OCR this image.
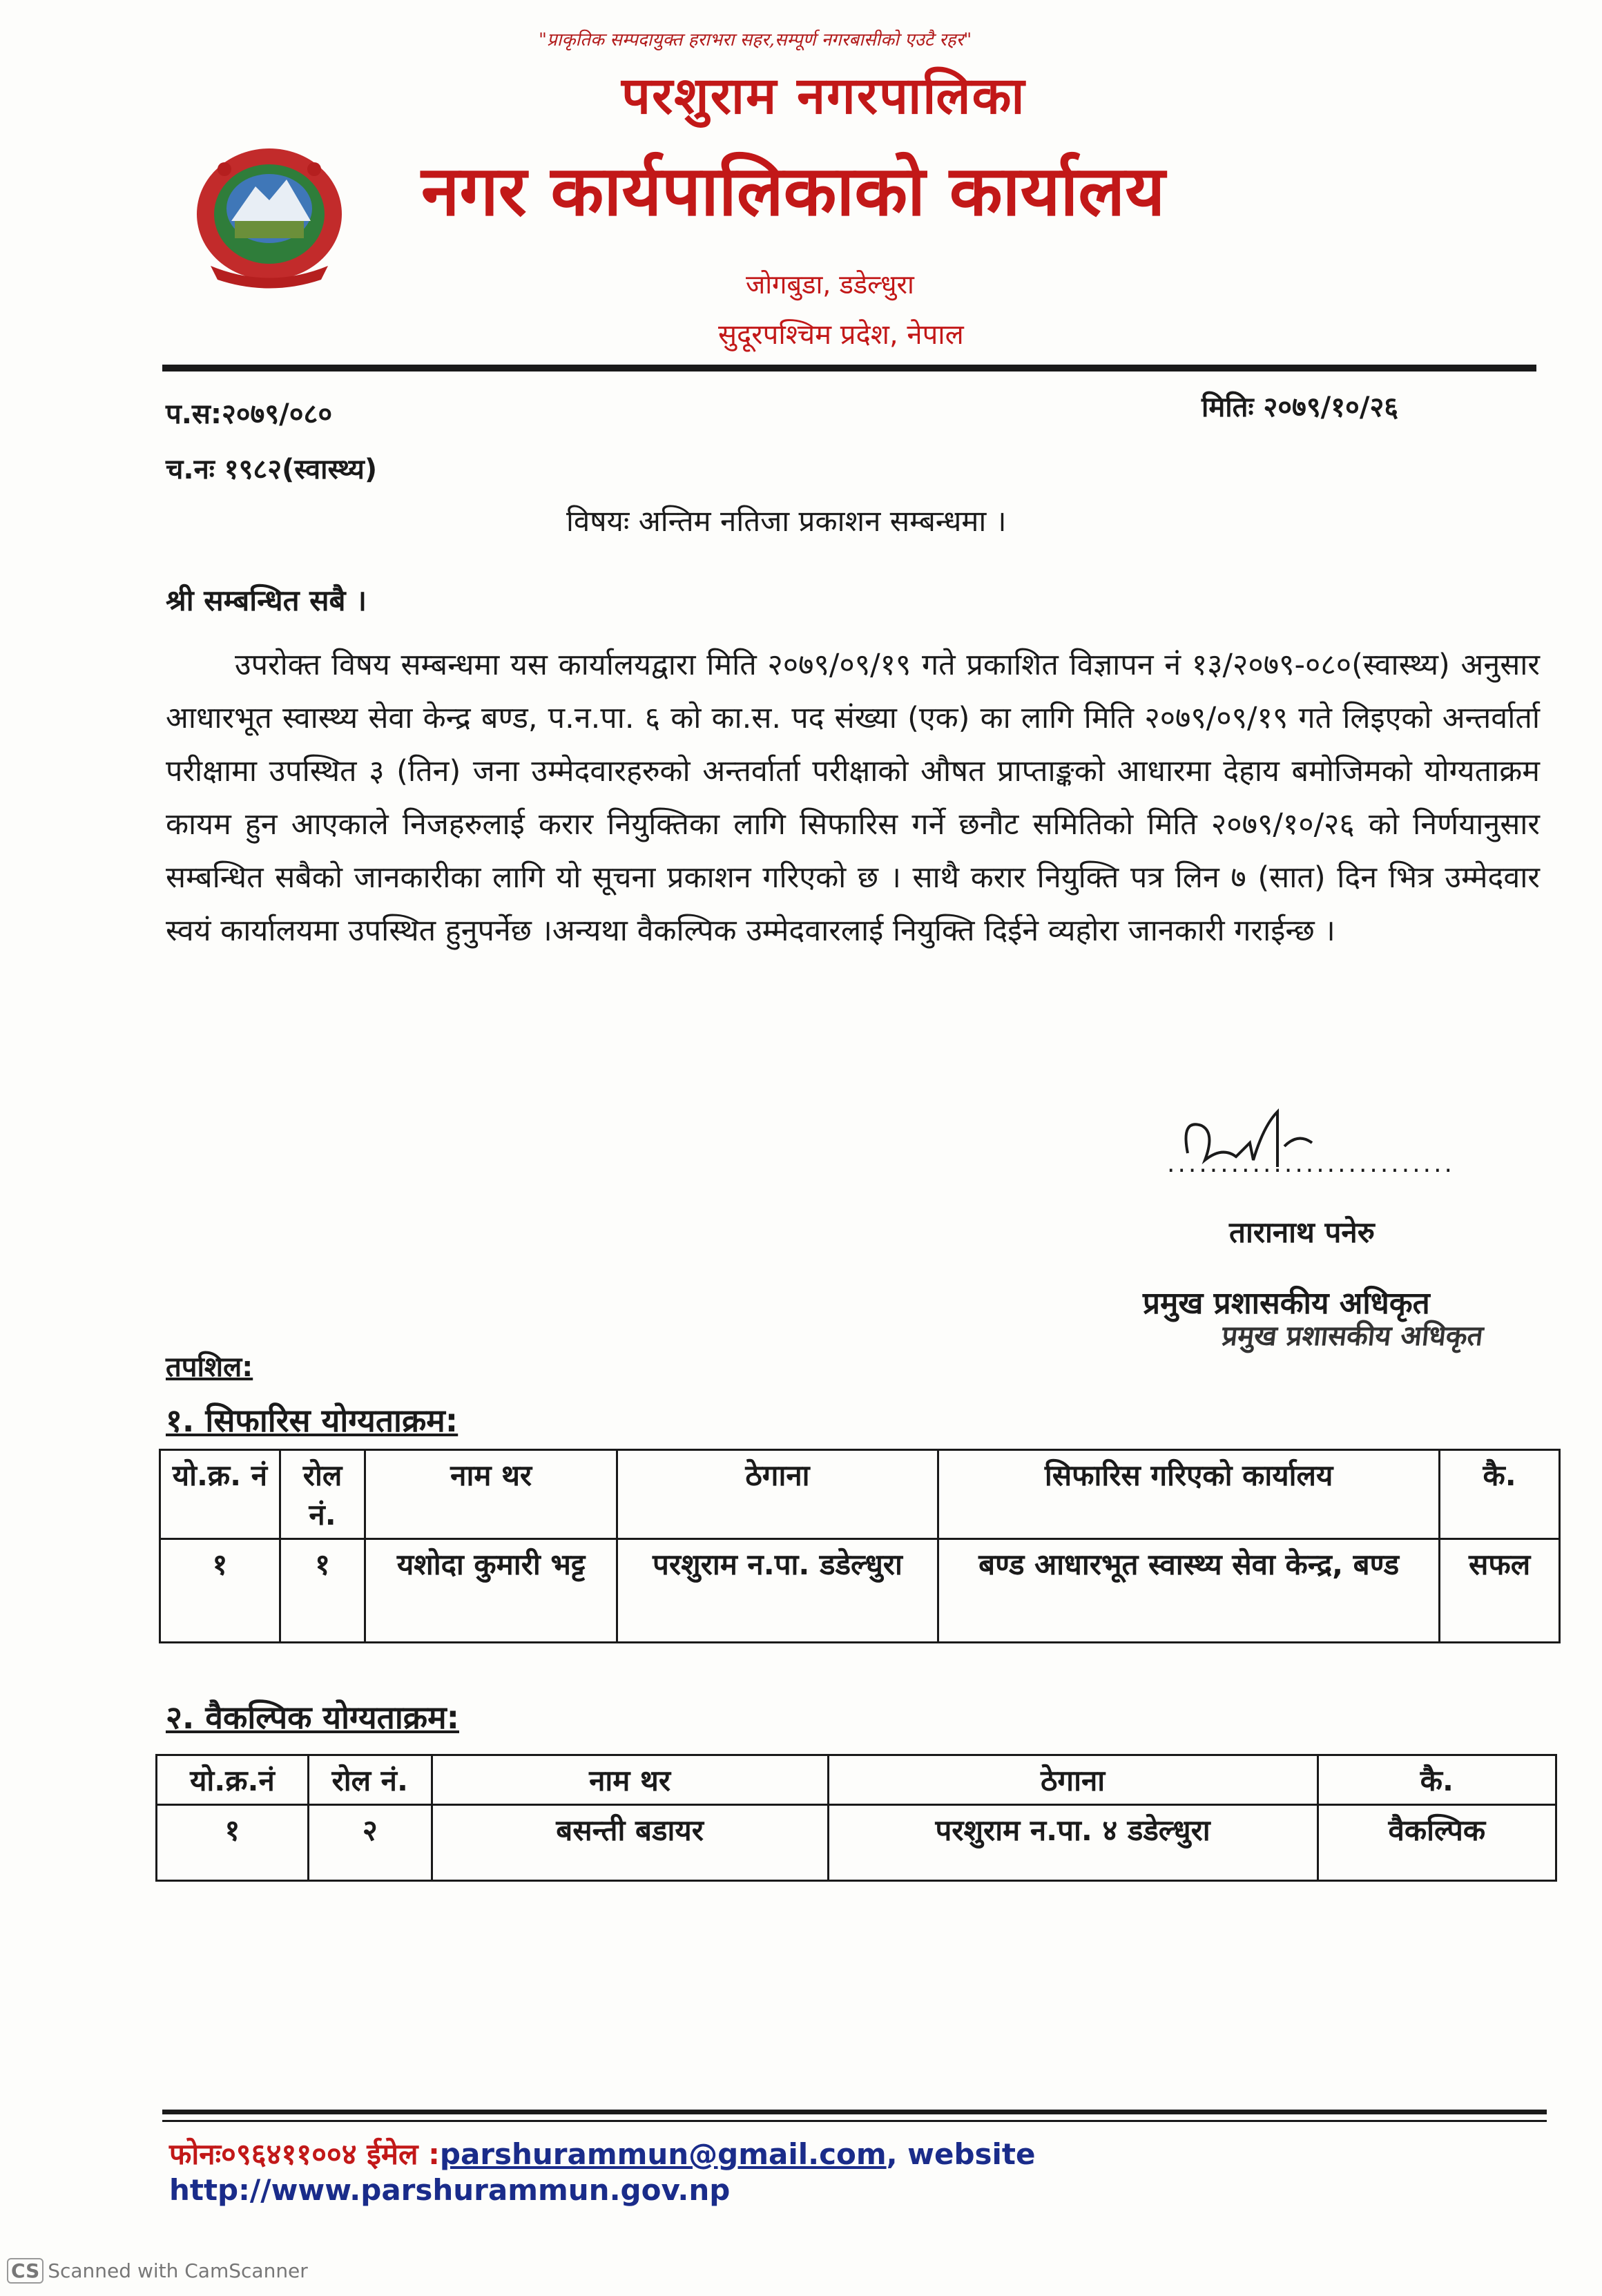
"प्राकृतिक सम्पदायुक्त हराभरा सहर,सम्पूर्ण नगरबासीको एउटै रहर"
परशुराम नगरपालिका
नगर कार्यपालिकाको कार्यालय
जोगबुडा, डडेल्धुरा
सुदूरपश्चिम प्रदेश, नेपाल
प.स:२०७९/०८०
च.नः १९८२(स्वास्थ्य)
मितिः २०७९/१०/२६
विषयः अन्तिम नतिजा प्रकाशन सम्बन्धमा ।
श्री सम्बन्धित सबै ।
उपरोक्त विषय सम्बन्धमा यस कार्यालयद्वारा मिति २०७९/०९/१९ गते प्रकाशित विज्ञापन नं १३/२०७९-०८०(स्वास्थ्य) अनुसार आधारभूत स्वास्थ्य सेवा केन्द्र बण्ड, प.न.पा. ६ को का.स. पद संख्या (एक) का लागि मिति २०७९/०९/१९ गते लिइएको अन्तर्वार्ता परीक्षामा उपस्थित ३ (तिन) जना उम्मेदवारहरुको अन्तर्वार्ता परीक्षाको औषत प्राप्ताङ्कको आधारमा देहाय बमोजिमको योग्यताक्रम कायम हुन आएकाले निजहरुलाई करार नियुक्तिका लागि सिफारिस गर्ने छनौट समितिको मिति २०७९/१०/२६ को निर्णयानुसार सम्बन्धित सबैको जानकारीका लागि यो सूचना प्रकाशन गरिएको छ । साथै करार नियुक्ति पत्र लिन ७ (सात) दिन भित्र उम्मेदवार स्वयं कार्यालयमा उपस्थित हुनुपर्नेछ ।अन्यथा वैकल्पिक उम्मेदवारलाई नियुक्ति दिईने व्यहोरा जानकारी गराईन्छ ।
...........................
तारानाथ पनेरु
प्रमुख प्रशासकीय अधिकृत
प्रमुख प्रशासकीय अधिकृत
तपशिल:
१. सिफारिस योग्यताक्रम:
यो.क्र. नं	रोल नं.	नाम थर	ठेगाना	सिफारिस गरिएको कार्यालय	कै.
१	१	यशोदा कुमारी भट्ट	परशुराम न.पा. डडेल्धुरा	बण्ड आधारभूत स्वास्थ्य सेवा केन्द्र, बण्ड	सफल
२. वैकल्पिक योग्यताक्रम:
यो.क्र.नं	रोल नं.	नाम थर	ठेगाना	कै.
१	२	बसन्ती बडायर	परशुराम न.पा. ४ डडेल्धुरा	वैकल्पिक
फोनः०९६४११००४ ईमेल :parshurammun@gmail.com, website http://www.parshurammun.gov.np
CS Scanned with CamScanner
